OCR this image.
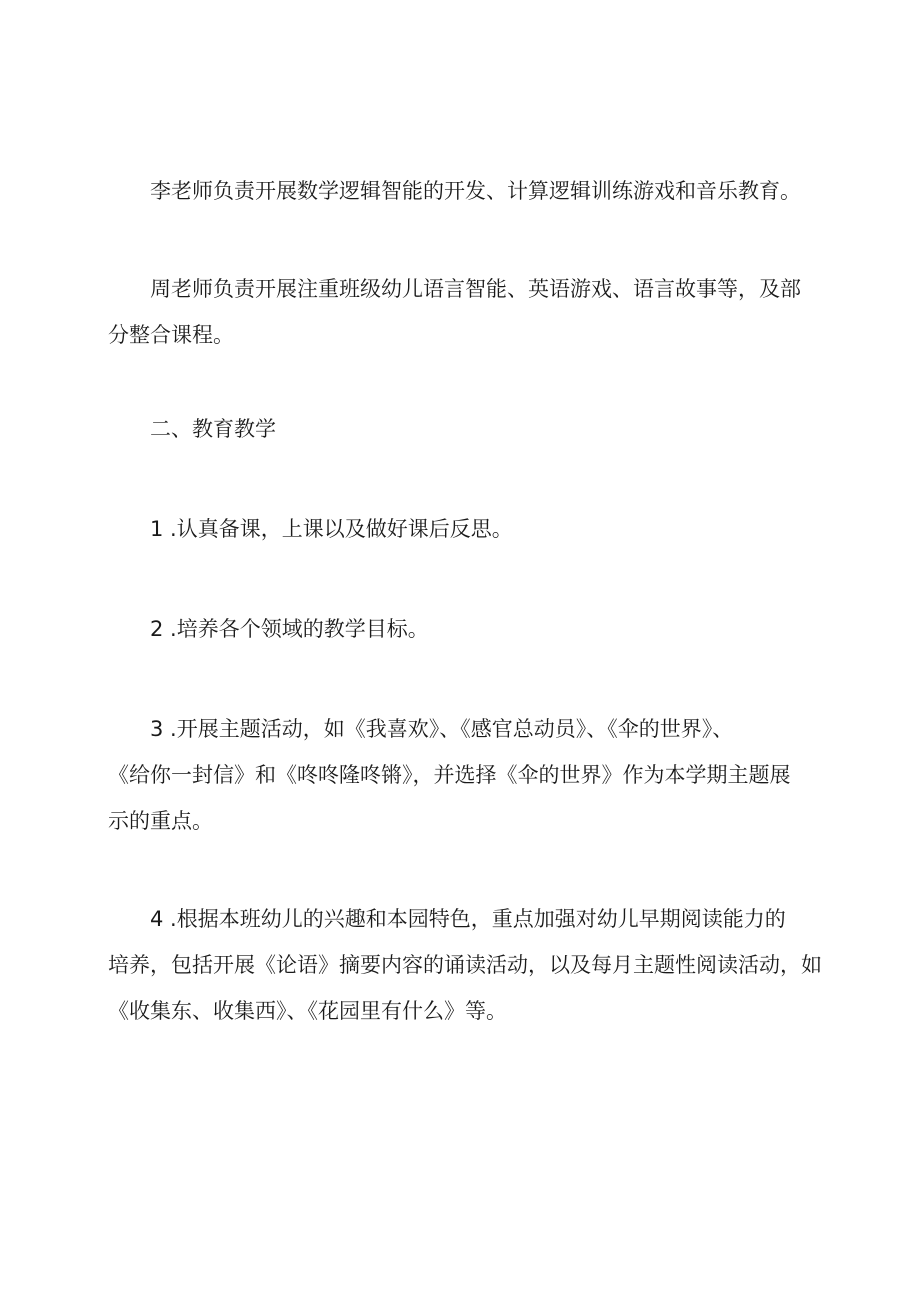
李老师负责开展数学逻辑智能的开发、计算逻辑训练游戏和音乐教育。

周老师负责开展注重班级幼儿语言智能、英语游戏、语言故事等，及部
分整合课程。

二、教育教学

1 .认真备课，上课以及做好课后反思。

2 .培养各个领域的教学目标。

3 .开展主题活动，如《我喜欢》、《感官总动员》、《伞的世界》、
《给你一封信》和《咚咚隆咚锵》，并选择《伞的世界》作为本学期主题展
示的重点。

4 .根据本班幼儿的兴趣和本园特色，重点加强对幼儿早期阅读能力的
培养，包括开展《论语》摘要内容的诵读活动，以及每月主题性阅读活动，如
《收集东、收集西》、《花园里有什么》等。
